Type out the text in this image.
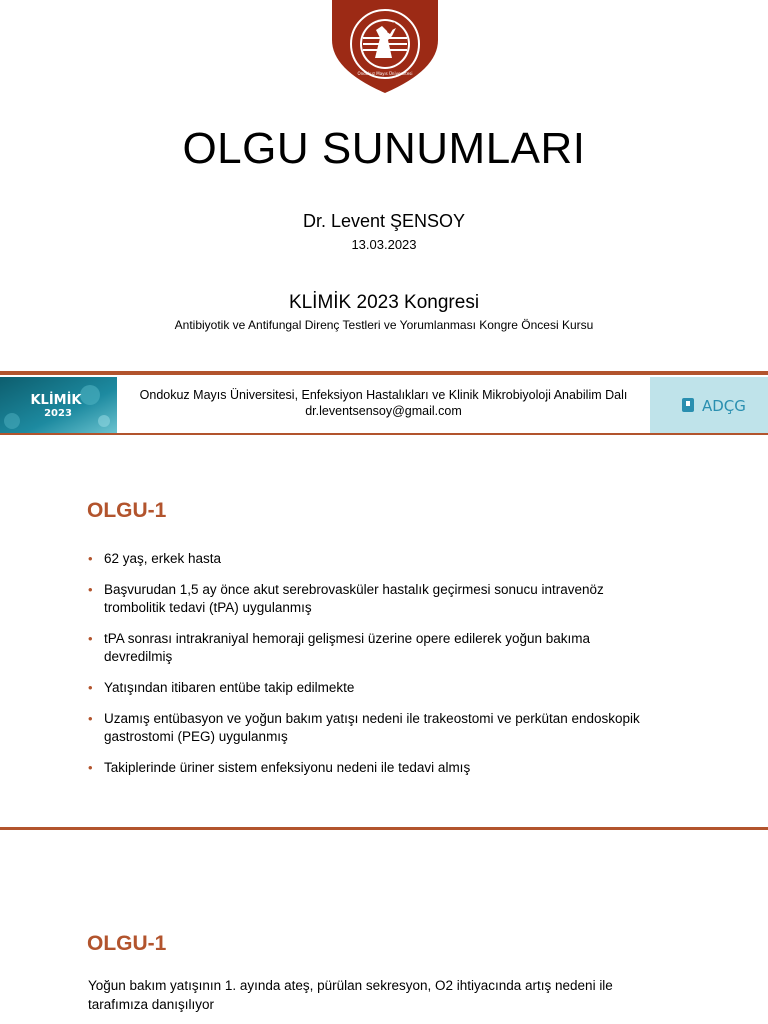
Ondokuz Mayıs Üniversitesi
OLGU SUNUMLARI
Dr. Levent ŞENSOY
13.03.2023
KLİMİK 2023 Kongresi
Antibiyotik ve Antifungal Direnç Testleri ve Yorumlanması Kongre Öncesi Kursu
KLİMİK
2023
Ondokuz Mayıs Üniversitesi, Enfeksiyon Hastalıkları ve Klinik Mikrobiyoloji Anabilim Dalı
dr.leventsensoy@gmail.com	ADÇG
OLGU-1
• 62 yaş, erkek hasta
• Başvurudan 1,5 ay önce akut serebrovasküler hastalık geçirmesi sonucu intravenöz trombolitik tedavi (tPA) uygulanmış
• tPA sonrası intrakraniyal hemoraji gelişmesi üzerine opere edilerek yoğun bakıma devredilmiş
• Yatışından itibaren entübe takip edilmekte
• Uzamış entübasyon ve yoğun bakım yatışı nedeni ile trakeostomi ve perkütan endoskopik gastrostomi (PEG) uygulanmış
• Takiplerinde üriner sistem enfeksiyonu nedeni ile tedavi almış
OLGU-1
Yoğun bakım yatışının 1. ayında ateş, pürülan sekresyon, O2 ihtiyacında artış nedeni ile tarafımıza danışılıyor
